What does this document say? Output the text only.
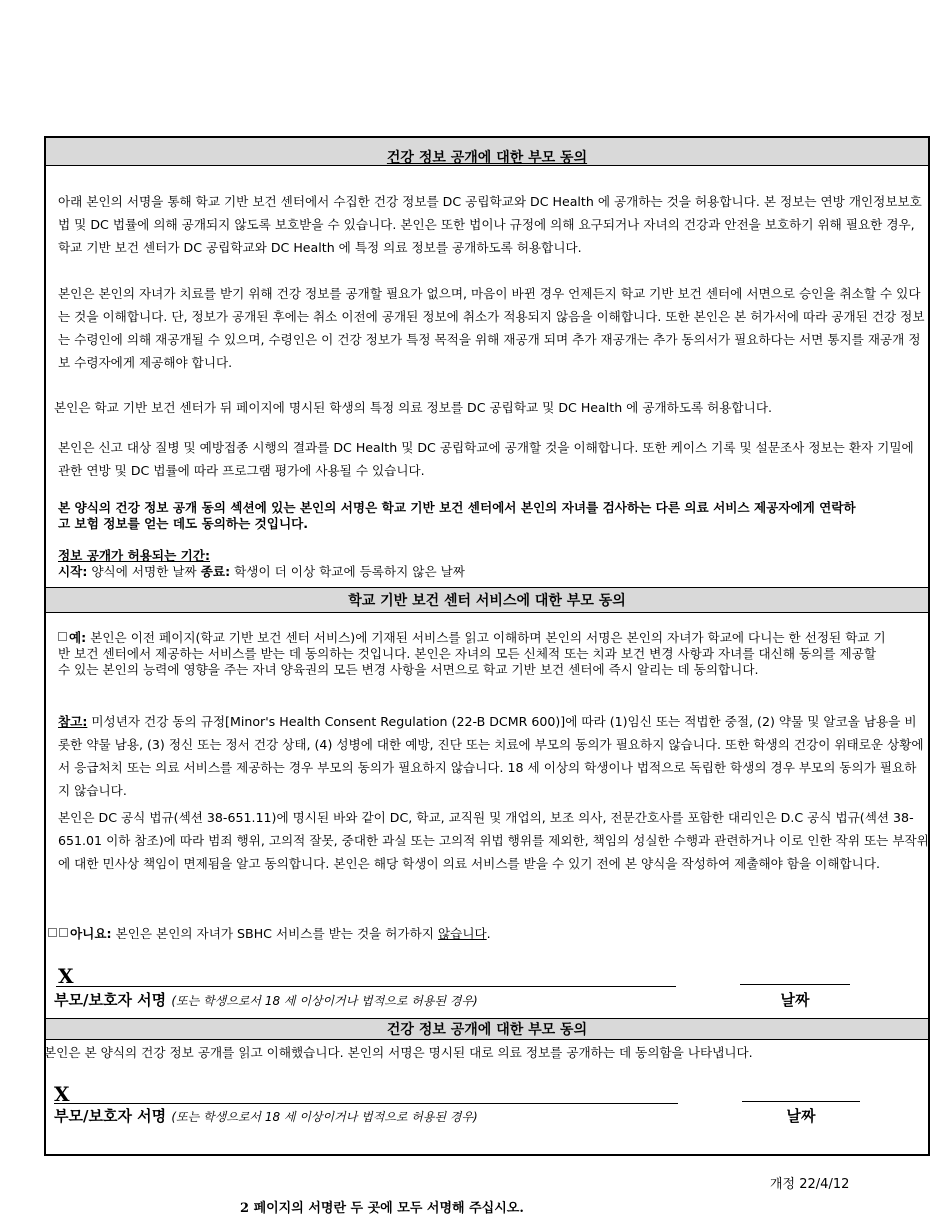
건강 정보 공개에 대한 부모 동의
아래 본인의 서명을 통해 학교 기반 보건 센터에서 수집한 건강 정보를 DC 공립학교와 DC Health 에 공개하는 것을 허용합니다. 본 정보는 연방 개인정보보호법 및 DC 법률에 의해 공개되지 않도록 보호받을 수 있습니다. 본인은 또한 법이나 규정에 의해 요구되거나 자녀의 건강과 안전을 보호하기 위해 필요한 경우, 학교 기반 보건 센터가 DC 공립학교와 DC Health 에 특정 의료 정보를 공개하도록 허용합니다.
본인은 본인의 자녀가 치료를 받기 위해 건강 정보를 공개할 필요가 없으며, 마음이 바뀐 경우 언제든지 학교 기반 보건 센터에 서면으로 승인을 취소할 수 있다는 것을 이해합니다. 단, 정보가 공개된 후에는 취소 이전에 공개된 정보에 취소가 적용되지 않음을 이해합니다. 또한 본인은 본 허가서에 따라 공개된 건강 정보는 수령인에 의해 재공개될 수 있으며, 수령인은 이 건강 정보가 특정 목적을 위해 재공개 되며 추가 재공개는 추가 동의서가 필요하다는 서면 통지를 재공개 정보 수령자에게 제공해야 합니다.
본인은 학교 기반 보건 센터가 뒤 페이지에 명시된 학생의 특정 의료 정보를 DC 공립학교 및 DC Health 에 공개하도록 허용합니다.
본인은 신고 대상 질병 및 예방접종 시행의 결과를 DC Health 및 DC 공립학교에 공개할 것을 이해합니다. 또한 케이스 기록 및 설문조사 정보는 환자 기밀에 관한 연방 및 DC 법률에 따라 프로그램 평가에 사용될 수 있습니다.
본 양식의 건강 정보 공개 동의 섹션에 있는 본인의 서명은 학교 기반 보건 센터에서 본인의 자녀를 검사하는 다른 의료 서비스 제공자에게 연락하고 보험 정보를 얻는 데도 동의하는 것입니다.
정보 공개가 허용되는 기간:
시작: 양식에 서명한 날짜 종료: 학생이 더 이상 학교에 등록하지 않은 날짜
학교 기반 보건 센터 서비스에 대한 부모 동의
예: 본인은 이전 페이지(학교 기반 보건 센터 서비스)에 기재된 서비스를 읽고 이해하며 본인의 서명은 본인의 자녀가 학교에 다니는 한 선정된 학교 기반 보건 센터에서 제공하는 서비스를 받는 데 동의하는 것입니다. 본인은 자녀의 모든 신체적 또는 치과 보건 변경 사항과 자녀를 대신해 동의를 제공할 수 있는 본인의 능력에 영향을 주는 자녀 양육권의 모든 변경 사항을 서면으로 학교 기반 보건 센터에 즉시 알리는 데 동의합니다.
참고: 미성년자 건강 동의 규정[Minor's Health Consent Regulation (22-B DCMR 600)]에 따라 (1)임신 또는 적법한 중절, (2) 약물 및 알코올 남용을 비롯한 약물 남용, (3) 정신 또는 정서 건강 상태, (4) 성병에 대한 예방, 진단 또는 치료에 부모의 동의가 필요하지 않습니다. 또한 학생의 건강이 위태로운 상황에서 응급처치 또는 의료 서비스를 제공하는 경우 부모의 동의가 필요하지 않습니다. 18 세 이상의 학생이나 법적으로 독립한 학생의 경우 부모의 동의가 필요하지 않습니다.
본인은 DC 공식 법규(섹션 38-651.11)에 명시된 바와 같이 DC, 학교, 교직원 및 개업의, 보조 의사, 전문간호사를 포함한 대리인은 D.C 공식 법규(섹션 38-651.01 이하 참조)에 따라 범죄 행위, 고의적 잘못, 중대한 과실 또는 고의적 위법 행위를 제외한, 책임의 성실한 수행과 관련하거나 이로 인한 작위 또는 부작위에 대한 민사상 책임이 면제됨을 알고 동의합니다. 본인은 해당 학생이 의료 서비스를 받을 수 있기 전에 본 양식을 작성하여 제출해야 함을 이해합니다.
아니요: 본인은 본인의 자녀가 SBHC 서비스를 받는 것을 허가하지 않습니다.
X
부모/보호자 서명 (또는 학생으로서 18 세 이상이거나 법적으로 허용된 경우)	날짜
건강 정보 공개에 대한 부모 동의
본인은 본 양식의 건강 정보 공개를 읽고 이해했습니다. 본인의 서명은 명시된 대로 의료 정보를 공개하는 데 동의함을 나타냅니다.
X
부모/보호자 서명 (또는 학생으로서 18 세 이상이거나 법적으로 허용된 경우)	날짜
개정 22/4/12
2 페이지의 서명란 두 곳에 모두 서명해 주십시오.
